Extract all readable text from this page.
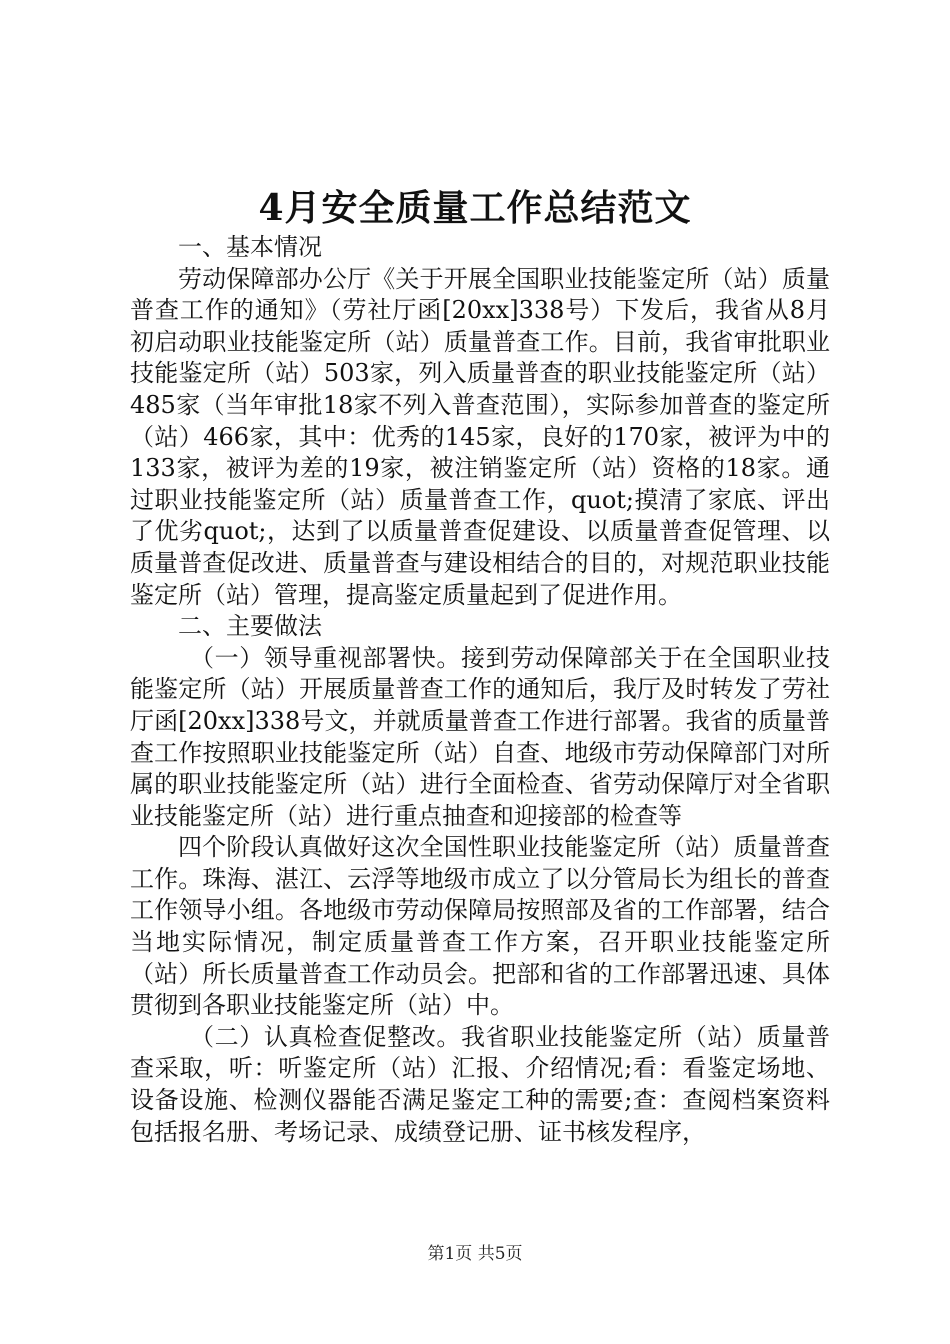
4月安全质量工作总结范文

一、基本情况

劳动保障部办公厅《关于开展全国职业技能鉴定所（站）质量普查工作的通知》（劳社厅函[20xx]338号）下发后，我省从8月初启动职业技能鉴定所（站）质量普查工作。目前，我省审批职业技能鉴定所（站）503家，列入质量普查的职业技能鉴定所（站）485家（当年审批18家不列入普查范围），实际参加普查的鉴定所（站）466家，其中：优秀的145家，良好的170家，被评为中的133家，被评为差的19家，被注销鉴定所（站）资格的18家。通过职业技能鉴定所（站）质量普查工作，quot;摸清了家底、评出了优劣quot;，达到了以质量普查促建设、以质量普查促管理、以质量普查促改进、质量普查与建设相结合的目的，对规范职业技能鉴定所（站）管理，提高鉴定质量起到了促进作用。

二、主要做法

（一）领导重视部署快。接到劳动保障部关于在全国职业技能鉴定所（站）开展质量普查工作的通知后，我厅及时转发了劳社厅函[20xx]338号文，并就质量普查工作进行部署。我省的质量普查工作按照职业技能鉴定所（站）自查、地级市劳动保障部门对所属的职业技能鉴定所（站）进行全面检查、省劳动保障厅对全省职业技能鉴定所（站）进行重点抽查和迎接部的检查等

四个阶段认真做好这次全国性职业技能鉴定所（站）质量普查工作。珠海、湛江、云浮等地级市成立了以分管局长为组长的普查工作领导小组。各地级市劳动保障局按照部及省的工作部署，结合当地实际情况，制定质量普查工作方案，召开职业技能鉴定所（站）所长质量普查工作动员会。把部和省的工作部署迅速、具体贯彻到各职业技能鉴定所（站）中。

（二）认真检查促整改。我省职业技能鉴定所（站）质量普查采取，听：听鉴定所（站）汇报、介绍情况;看：看鉴定场地、设备设施、检测仪器能否满足鉴定工种的需要;查：查阅档案资料包括报名册、考场记录、成绩登记册、证书核发程序，

第1页 共5页
